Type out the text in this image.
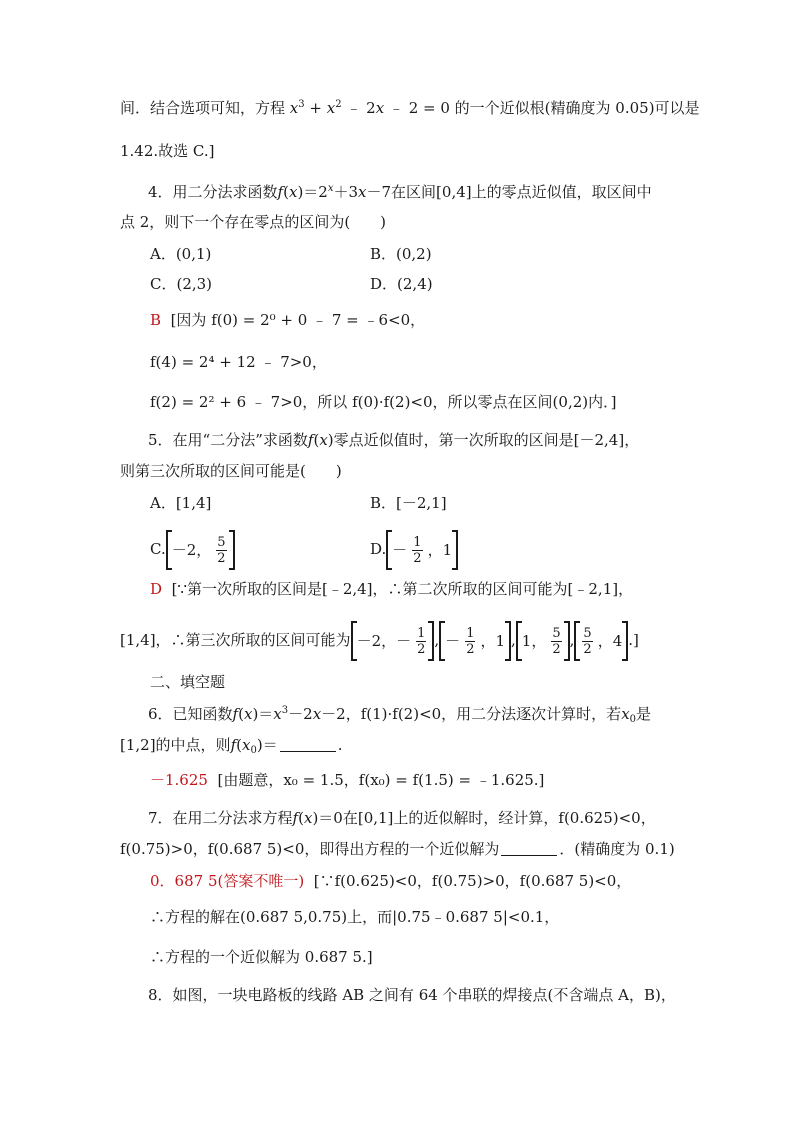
间．结合选项可知，方程 $x^3 + x^2$ ﹣ 2x ﹣ 2 = 0 的一个近似根(精确度为 0.05)可以是
1.42.故选 C.]
4．用二分法求函数$f(x)=2^x+3x-7$在区间[0,4]上的零点近似值，取区间中
点 2，则下一个存在零点的区间为(　　)
A．(0,1)	B．(0,2)
C．(2,3)	D．(2,4)
B [因为 f(0) = 2⁰ + 0 ﹣ 7 = ﹣6<0，
f(4) = 2⁴ + 12 ﹣ 7>0，
f(2) = 2² + 6 ﹣ 7>0，所以 f(0)·f(2)<0，所以零点在区间(0,2)内．]
5．在用“二分法”求函数f(x)零点近似值时，第一次所取的区间是[－2,4]，
则第三次所取的区间可能是(　　)
A．[1,4]	B．[－2,1]
C. －2， $\frac{5}{2}$	D. － $\frac{1}{2}$ ，1
D [∵第一次所取的区间是[﹣2,4]，∴第二次所取的区间可能为[﹣2,1]，
[1,4]，∴第三次所取的区间可能为 －2，－ $\frac{1}{2}$ , － $\frac{1}{2}$ ，1 , 1， $\frac{5}{2}$ , $\frac{5}{2}$ ，4 .]
二、填空题
6．已知函数$f(x)=x^3-2x-2$，f(1)·f(2)<0，用二分法逐次计算时，若$x_0$是
[1,2]的中点，则$f(x_0)=$	.
－1.625 [由题意，x₀ = 1.5，f(x₀) = f(1.5) = ﹣1.625.]
7．在用二分法求方程f(x)＝0在[0,1]上的近似解时，经计算，f(0.625)<0，
f(0.75)>0，f(0.687 5)<0，即得出方程的一个近似解为	．(精确度为 0.1)
0．687 5(答案不唯一) [∵f(0.625)<0，f(0.75)>0，f(0.687 5)<0，
∴方程的解在(0.687 5,0.75)上，而|0.75﹣0.687 5|<0.1，
∴方程的一个近似解为 0.687 5.]
8．如图，一块电路板的线路 AB 之间有 64 个串联的焊接点(不含端点 A，B)，
